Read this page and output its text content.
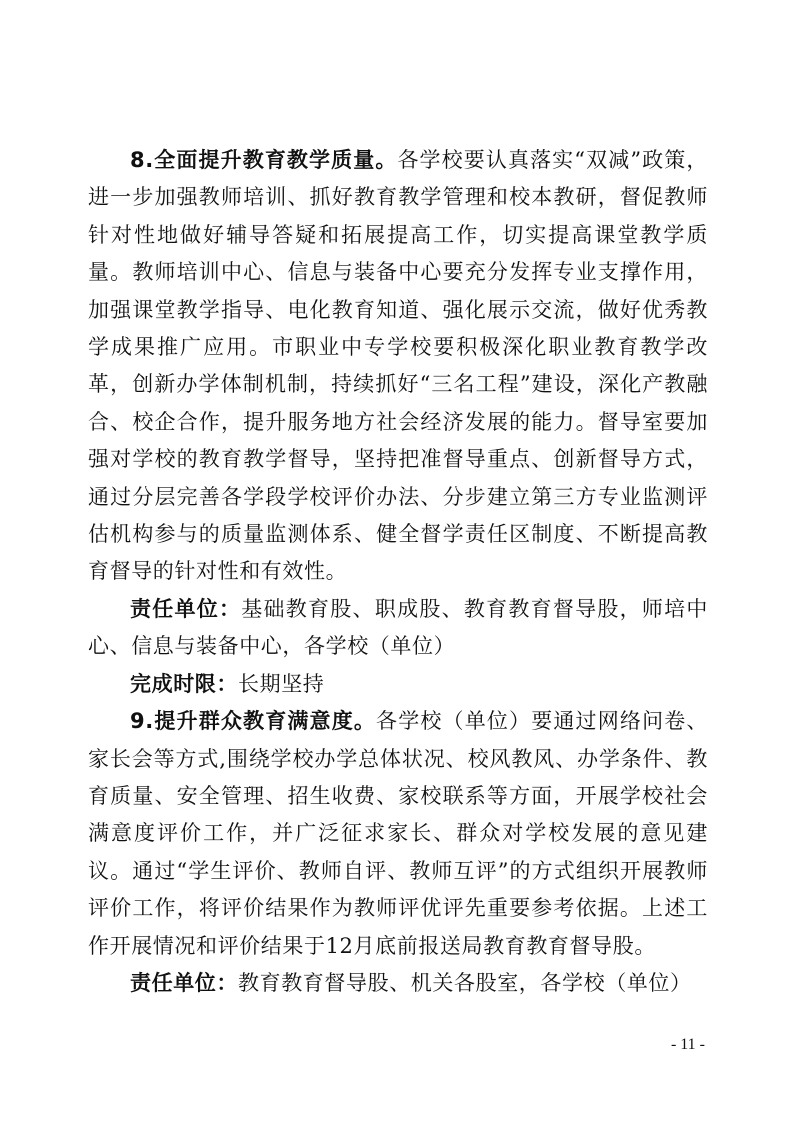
8.全面提升教育教学质量。各学校要认真落实“双减”政策，进一步加强教师培训、抓好教育教学管理和校本教研，督促教师针对性地做好辅导答疑和拓展提高工作，切实提高课堂教学质量。教师培训中心、信息与装备中心要充分发挥专业支撑作用，加强课堂教学指导、电化教育知道、强化展示交流，做好优秀教学成果推广应用。市职业中专学校要积极深化职业教育教学改革，创新办学体制机制，持续抓好“三名工程”建设，深化产教融合、校企合作，提升服务地方社会经济发展的能力。督导室要加强对学校的教育教学督导，坚持把准督导重点、创新督导方式，通过分层完善各学段学校评价办法、分步建立第三方专业监测评估机构参与的质量监测体系、健全督学责任区制度、不断提高教育督导的针对性和有效性。

责任单位：基础教育股、职成股、教育教育督导股，师培中心、信息与装备中心，各学校（单位）

完成时限：长期坚持

9.提升群众教育满意度。各学校（单位）要通过网络问卷、家长会等方式,围绕学校办学总体状况、校风教风、办学条件、教育质量、安全管理、招生收费、家校联系等方面，开展学校社会满意度评价工作，并广泛征求家长、群众对学校发展的意见建议。通过“学生评价、教师自评、教师互评”的方式组织开展教师评价工作，将评价结果作为教师评优评先重要参考依据。上述工作开展情况和评价结果于12月底前报送局教育教育督导股。

责任单位：教育教育督导股、机关各股室，各学校（单位）

- 11 -
